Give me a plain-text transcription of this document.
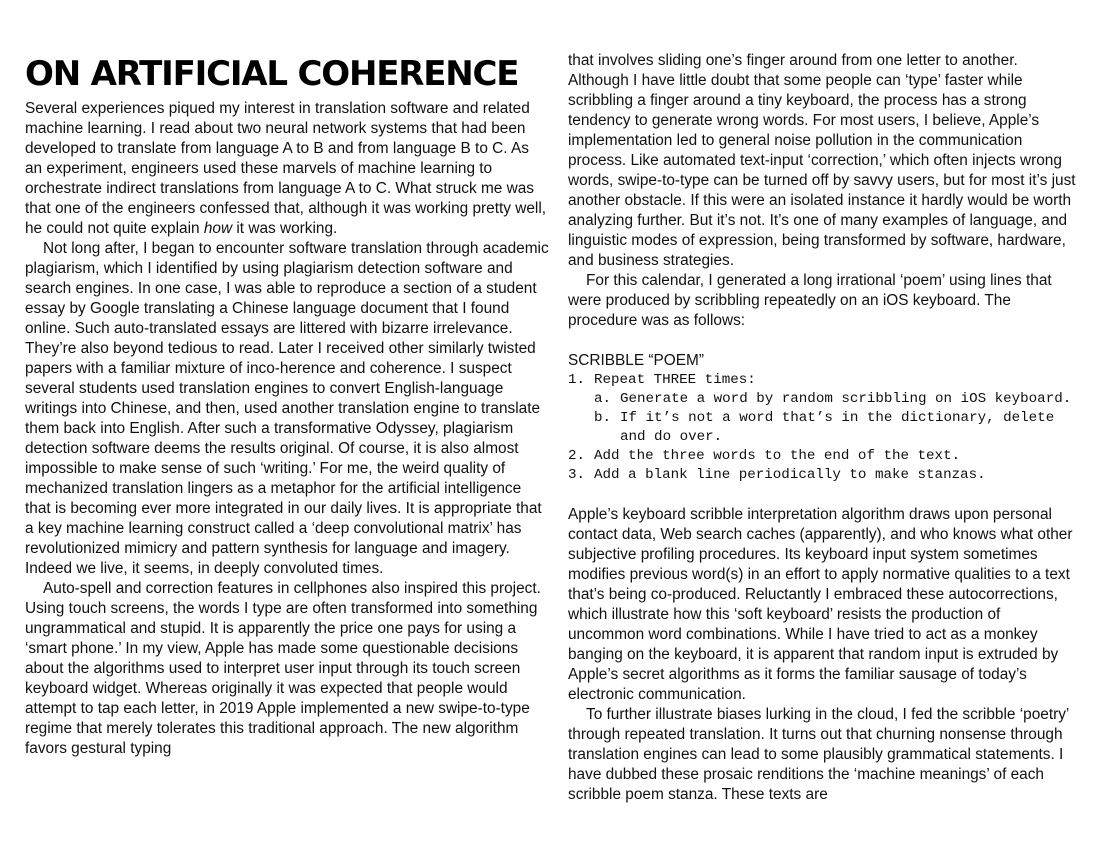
ON ARTIFICIAL COHERENCE

Several experiences piqued my interest in translation software and related machine learning. I read about two neural network systems that had been developed to translate from language A to B and from language B to C. As an experiment, engineers used these marvels of machine learning to orchestrate indirect translations from language A to C. What struck me was that one of the engineers confessed that, although it was working pretty well, he could not quite explain how it was working.

Not long after, I began to encounter software translation through academic plagiarism, which I identified by using plagiarism detection software and search engines. In one case, I was able to reproduce a section of a student essay by Google translating a Chinese language document that I found online. Such auto-translated essays are littered with bizarre irrelevance. They’re also beyond tedious to read. Later I received other similarly twisted papers with a familiar mixture of inco-herence and coherence. I suspect several students used translation engines to convert English-language writings into Chinese, and then, used another translation engine to translate them back into English. After such a transformative Odyssey, plagiarism detection software deems the results original. Of course, it is also almost impossible to make sense of such ‘writing.’ For me, the weird quality of mechanized translation lingers as a metaphor for the artificial intelligence that is becoming ever more integrated in our daily lives. It is appropriate that a key machine learning construct called a ‘deep convolutional matrix’ has revolutionized mimicry and pattern synthesis for language and imagery. Indeed we live, it seems, in deeply convoluted times.

Auto-spell and correction features in cellphones also inspired this project. Using touch screens, the words I type are often transformed into something ungrammatical and stupid. It is apparently the price one pays for using a ‘smart phone.’ In my view, Apple has made some questionable decisions about the algorithms used to interpret user input through its touch screen keyboard widget. Whereas originally it was expected that people would attempt to tap each letter, in 2019 Apple implemented a new swipe-to-type regime that merely tolerates this traditional approach. The new algorithm favors gestural typing

that involves sliding one’s finger around from one letter to another. Although I have little doubt that some people can ‘type’ faster while scribbling a finger around a tiny keyboard, the process has a strong tendency to generate wrong words. For most users, I believe, Apple’s implementation led to general noise pollution in the communication process. Like automated text-input ‘correction,’ which often injects wrong words, swipe-to-type can be turned off by savvy users, but for most it’s just another obstacle. If this were an isolated instance it hardly would be worth analyzing further. But it’s not. It’s one of many examples of language, and linguistic modes of expression, being transformed by software, hardware, and business strategies.

For this calendar, I generated a long irrational ‘poem’ using lines that were produced by scribbling repeatedly on an iOS keyboard. The procedure was as follows:

SCRIBBLE “POEM”

1. Repeat THREE times:
a. Generate a word by random scribbling on iOS keyboard.
b. If it’s not a word that’s in the dictionary, delete and do over.
2. Add the three words to the end of the text.
3. Add a blank line periodically to make stanzas.

Apple’s keyboard scribble interpretation algorithm draws upon personal contact data, Web search caches (apparently), and who knows what other subjective profiling procedures. Its keyboard input system sometimes modifies previous word(s) in an effort to apply normative qualities to a text that’s being co-produced. Reluctantly I embraced these autocorrections, which illustrate how this ‘soft keyboard’ resists the production of uncommon word combinations. While I have tried to act as a monkey banging on the keyboard, it is apparent that random input is extruded by Apple’s secret algorithms as it forms the familiar sausage of today’s electronic communication.

To further illustrate biases lurking in the cloud, I fed the scribble ‘poetry’ through repeated translation. It turns out that churning nonsense through translation engines can lead to some plausibly grammatical statements. I have dubbed these prosaic renditions the ‘machine meanings’ of each scribble poem stanza. These texts are
